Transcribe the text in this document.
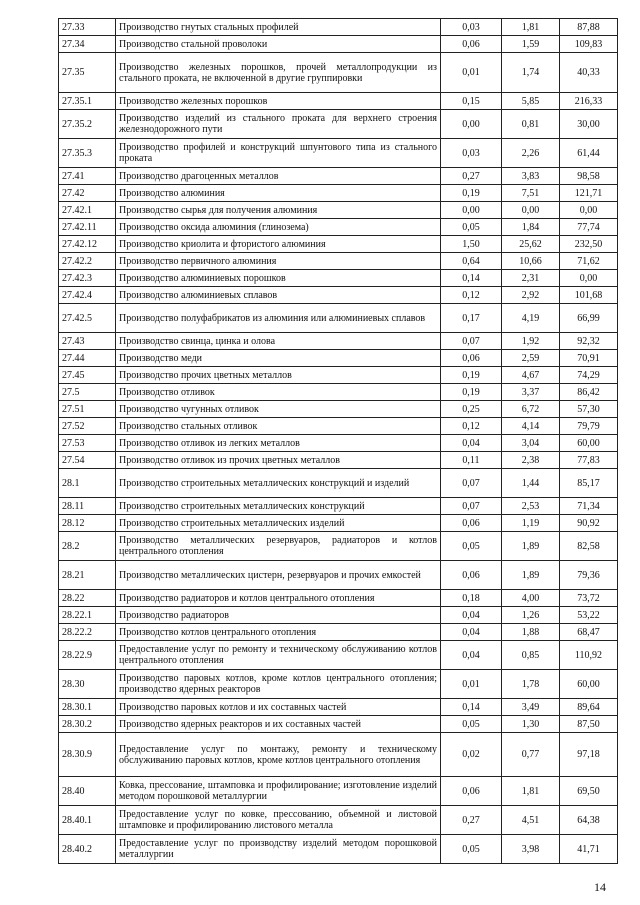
27.33	Производство гнутых стальных профилей	0,03	1,81	87,88
27.34	Производство стальной проволоки	0,06	1,59	109,83
27.35	Производство железных порошков, прочей металлопродукции из стального проката, не включенной в другие группировки	0,01	1,74	40,33
27.35.1	Производство железных порошков	0,15	5,85	216,33
27.35.2	Производство изделий из стального проката для верхнего строения железнодорожного пути	0,00	0,81	30,00
27.35.3	Производство профилей и конструкций шпунтового типа из стального проката	0,03	2,26	61,44
27.41	Производство драгоценных металлов	0,27	3,83	98,58
27.42	Производство алюминия	0,19	7,51	121,71
27.42.1	Производство сырья для получения алюминия	0,00	0,00	0,00
27.42.11	Производство оксида алюминия (глинозема)	0,05	1,84	77,74
27.42.12	Производство криолита и фтористого алюминия	1,50	25,62	232,50
27.42.2	Производство первичного алюминия	0,64	10,66	71,62
27.42.3	Производство алюминиевых порошков	0,14	2,31	0,00
27.42.4	Производство алюминиевых сплавов	0,12	2,92	101,68
27.42.5	Производство полуфабрикатов из алюминия или алюминиевых сплавов	0,17	4,19	66,99
27.43	Производство свинца, цинка и олова	0,07	1,92	92,32
27.44	Производство меди	0,06	2,59	70,91
27.45	Производство прочих цветных металлов	0,19	4,67	74,29
27.5	Производство отливок	0,19	3,37	86,42
27.51	Производство чугунных отливок	0,25	6,72	57,30
27.52	Производство стальных отливок	0,12	4,14	79,79
27.53	Производство отливок из легких металлов	0,04	3,04	60,00
27.54	Производство отливок из прочих цветных металлов	0,11	2,38	77,83
28.1	Производство строительных металлических конструкций и изделий	0,07	1,44	85,17
28.11	Производство строительных металлических конструкций	0,07	2,53	71,34
28.12	Производство строительных металлических изделий	0,06	1,19	90,92
28.2	Производство металлических резервуаров, радиаторов и котлов центрального отопления	0,05	1,89	82,58
28.21	Производство металлических цистерн, резервуаров и прочих емкостей	0,06	1,89	79,36
28.22	Производство радиаторов и котлов центрального отопления	0,18	4,00	73,72
28.22.1	Производство радиаторов	0,04	1,26	53,22
28.22.2	Производство котлов центрального отопления	0,04	1,88	68,47
28.22.9	Предоставление услуг по ремонту и техническому обслуживанию котлов центрального отопления	0,04	0,85	110,92
28.30	Производство паровых котлов, кроме котлов центрального отопления; производство ядерных реакторов	0,01	1,78	60,00
28.30.1	Производство паровых котлов и их составных частей	0,14	3,49	89,64
28.30.2	Производство ядерных реакторов и их составных частей	0,05	1,30	87,50
28.30.9	Предоставление услуг по монтажу, ремонту и техническому обслуживанию паровых котлов, кроме котлов центрального отопления	0,02	0,77	97,18
28.40	Ковка, прессование, штамповка и профилирование; изготовление изделий методом порошковой металлургии	0,06	1,81	69,50
28.40.1	Предоставление услуг по ковке, прессованию, объемной и листовой штамповке и профилированию листового металла	0,27	4,51	64,38
28.40.2	Предоставление услуг по производству изделий методом порошковой металлургии	0,05	3,98	41,71
14
